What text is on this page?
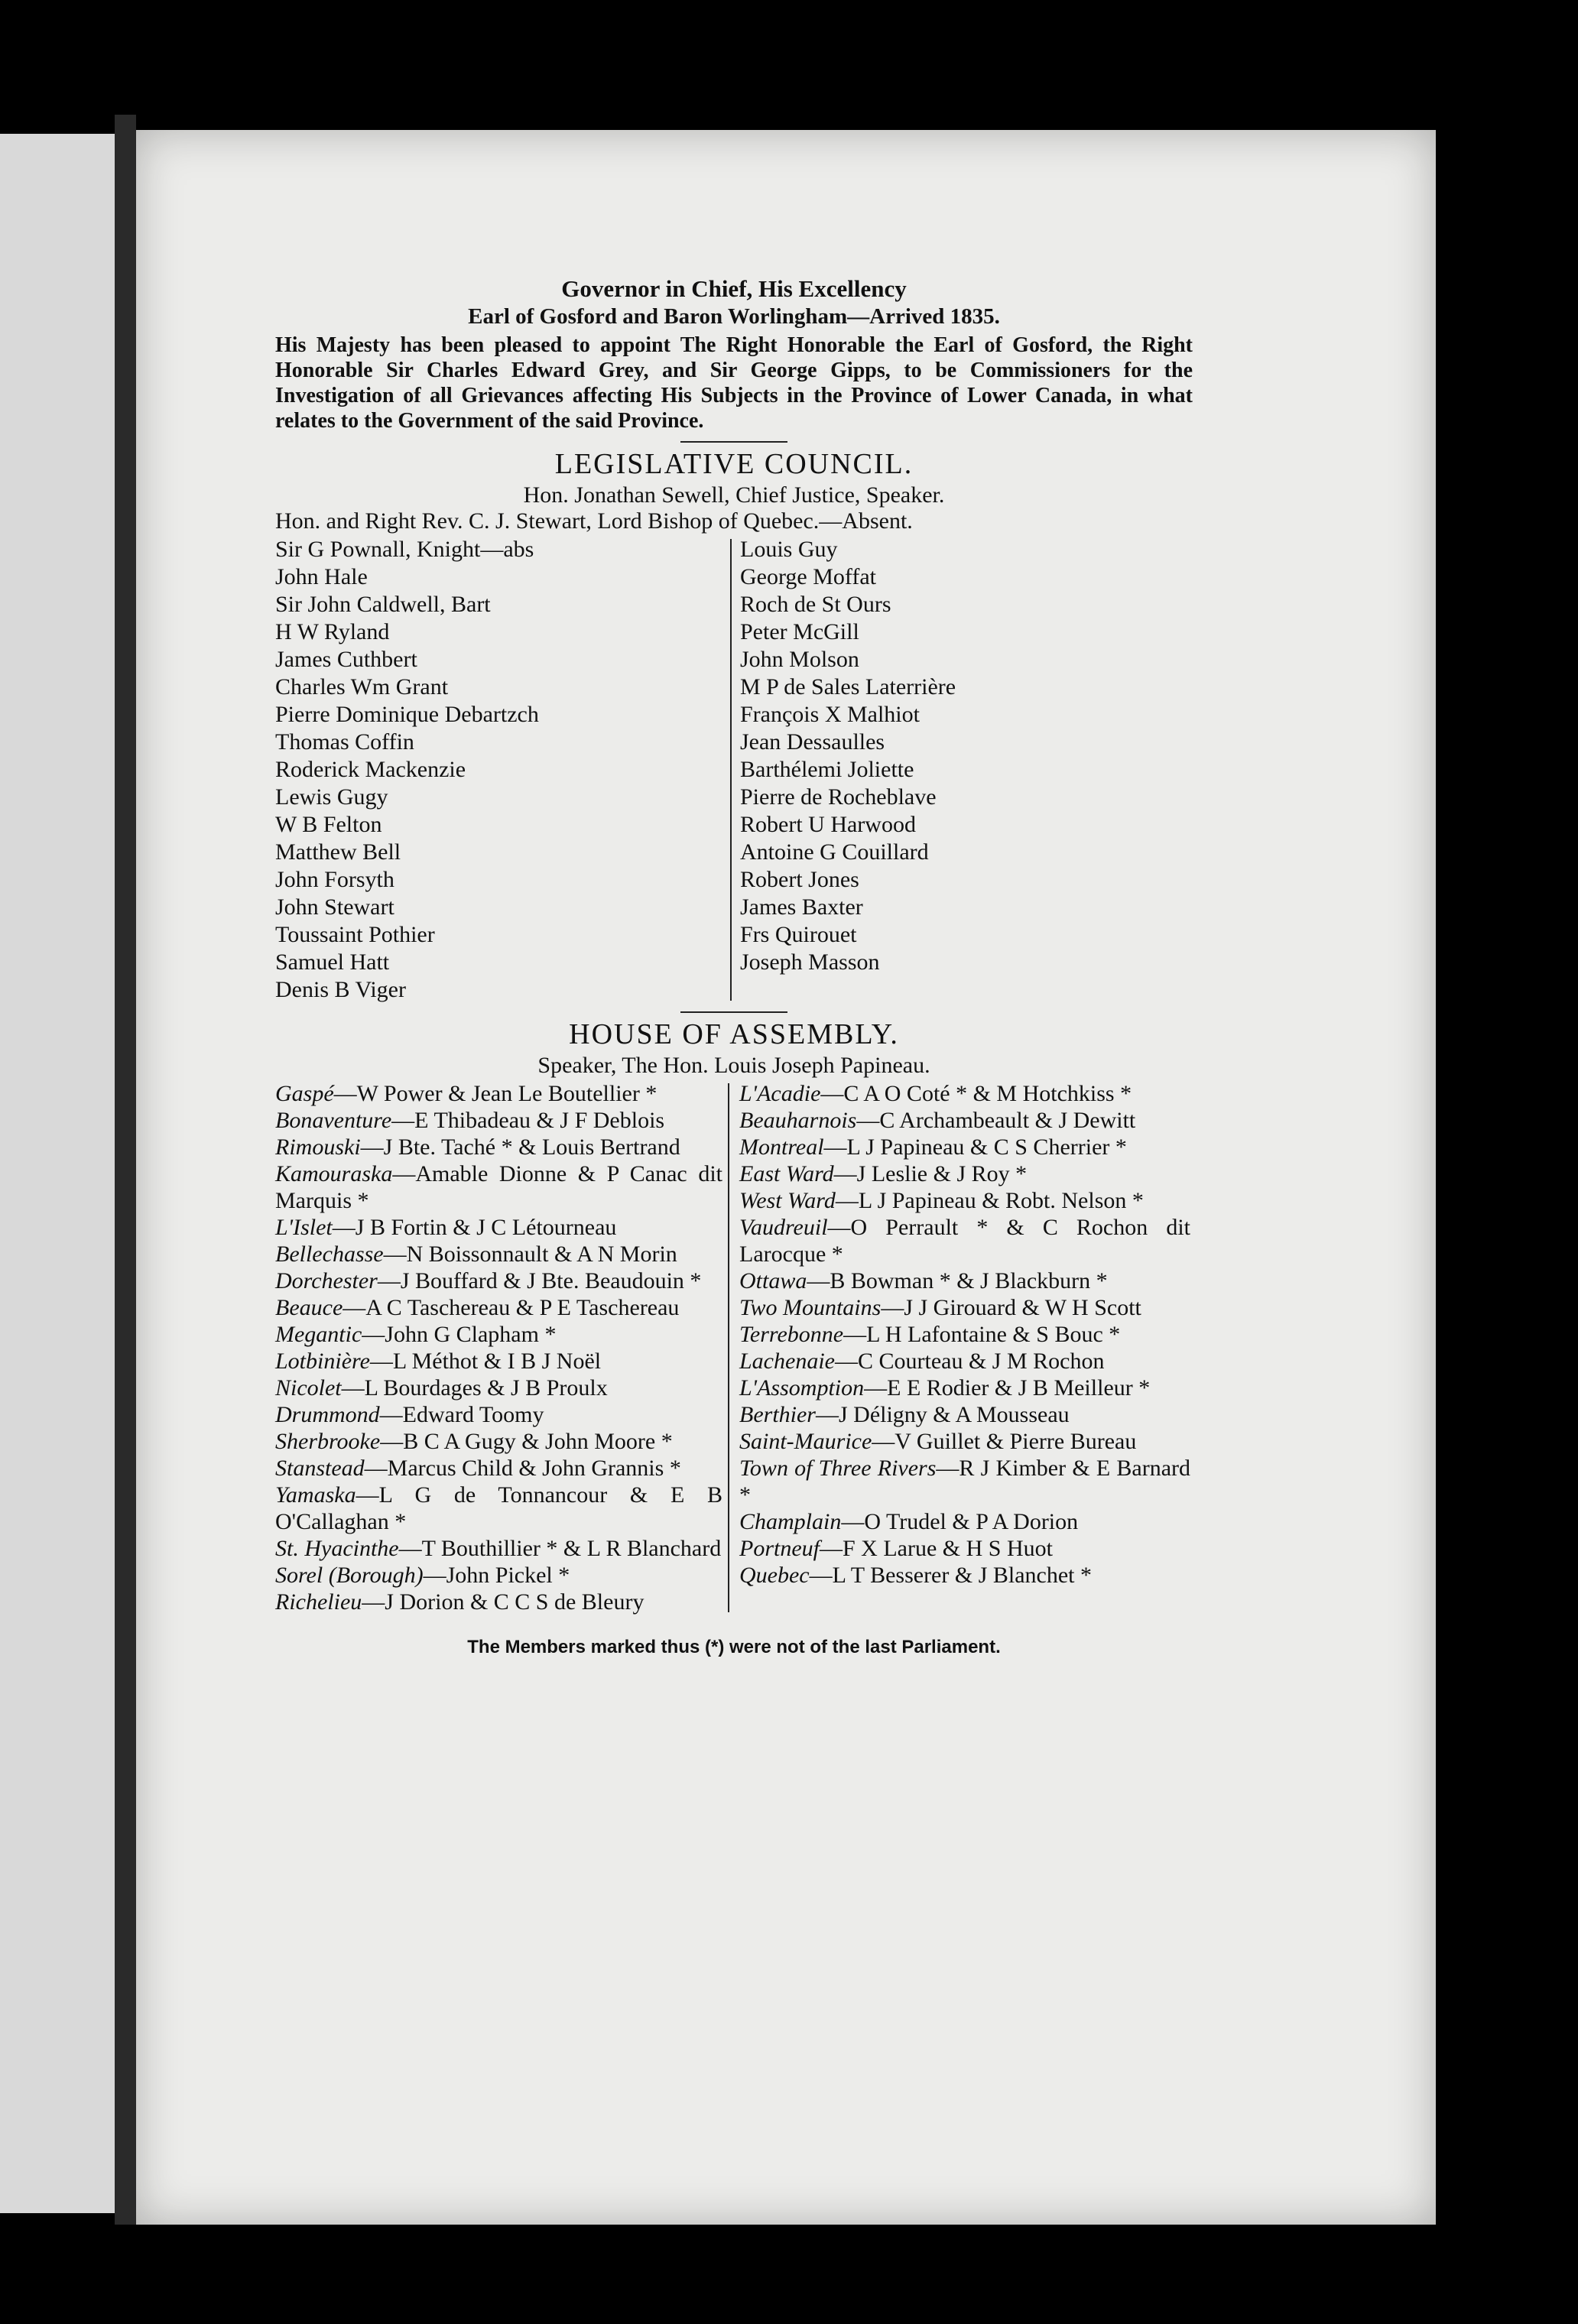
Governor in Chief, His Excellency
Earl of Gosford and Baron Worlingham—Arrived 1835.
His Majesty has been pleased to appoint The Right Honorable the Earl of Gosford, the Right Honorable Sir Charles Edward Grey, and Sir George Gipps, to be Commissioners for the Investigation of all Grievances affecting His Subjects in the Province of Lower Canada, in what relates to the Government of the said Province.
LEGISLATIVE COUNCIL.
Hon. Jonathan Sewell, Chief Justice, Speaker.
Hon. and Right Rev. C. J. Stewart, Lord Bishop of Quebec.—Absent.
Sir G Pownall, Knight—abs
John Hale
Sir John Caldwell, Bart
H W Ryland
James Cuthbert
Charles Wm Grant
Pierre Dominique Debartzch
Thomas Coffin
Roderick Mackenzie
Lewis Gugy
W B Felton
Matthew Bell
John Forsyth
John Stewart
Toussaint Pothier
Samuel Hatt
Denis B Viger
Louis Guy
George Moffat
Roch de St Ours
Peter McGill
John Molson
M P de Sales Laterrière
François X Malhiot
Jean Dessaulles
Barthélemi Joliette
Pierre de Rocheblave
Robert U Harwood
Antoine G Couillard
Robert Jones
James Baxter
Frs Quirouet
Joseph Masson
HOUSE OF ASSEMBLY.
Speaker, The Hon. Louis Joseph Papineau.
Gaspé—W Power & Jean Le Boutellier *
Bonaventure—E Thibadeau & J F Deblois
Rimouski—J Bte. Taché * & Louis Bertrand
Kamouraska—Amable Dionne & P Canac dit Marquis *
L'Islet—J B Fortin & J C Létourneau
Bellechasse—N Boissonnault & A N Morin
Dorchester—J Bouffard & J Bte. Beaudouin *
Beauce—A C Taschereau & P E Taschereau
Megantic—John G Clapham *
Lotbinière—L Méthot & I B J Noël
Nicolet—L Bourdages & J B Proulx
Drummond—Edward Toomy
Sherbrooke—B C A Gugy & John Moore *
Stanstead—Marcus Child & John Grannis *
Yamaska—L G de Tonnancour & E B O'Callaghan *
St. Hyacinthe—T Bouthillier * & L R Blanchard
Sorel (Borough)—John Pickel *
Richelieu—J Dorion & C C S de Bleury
L'Acadie—C A O Coté * & M Hotchkiss *
Beauharnois—C Archambeault & J Dewitt
Montreal—L J Papineau & C S Cherrier *
East Ward—J Leslie & J Roy *
West Ward—L J Papineau & Robt. Nelson *
Vaudreuil—O Perrault * & C Rochon dit Larocque *
Ottawa—B Bowman * & J Blackburn *
Two Mountains—J J Girouard & W H Scott
Terrebonne—L H Lafontaine & S Bouc *
Lachenaie—C Courteau & J M Rochon
L'Assomption—E E Rodier & J B Meilleur *
Berthier—J Déligny & A Mousseau
Saint-Maurice—V Guillet & Pierre Bureau
Town of Three Rivers—R J Kimber & E Barnard *
Champlain—O Trudel & P A Dorion
Portneuf—F X Larue & H S Huot
Quebec—L T Besserer & J Blanchet *
The Members marked thus (*) were not of the last Parliament.
